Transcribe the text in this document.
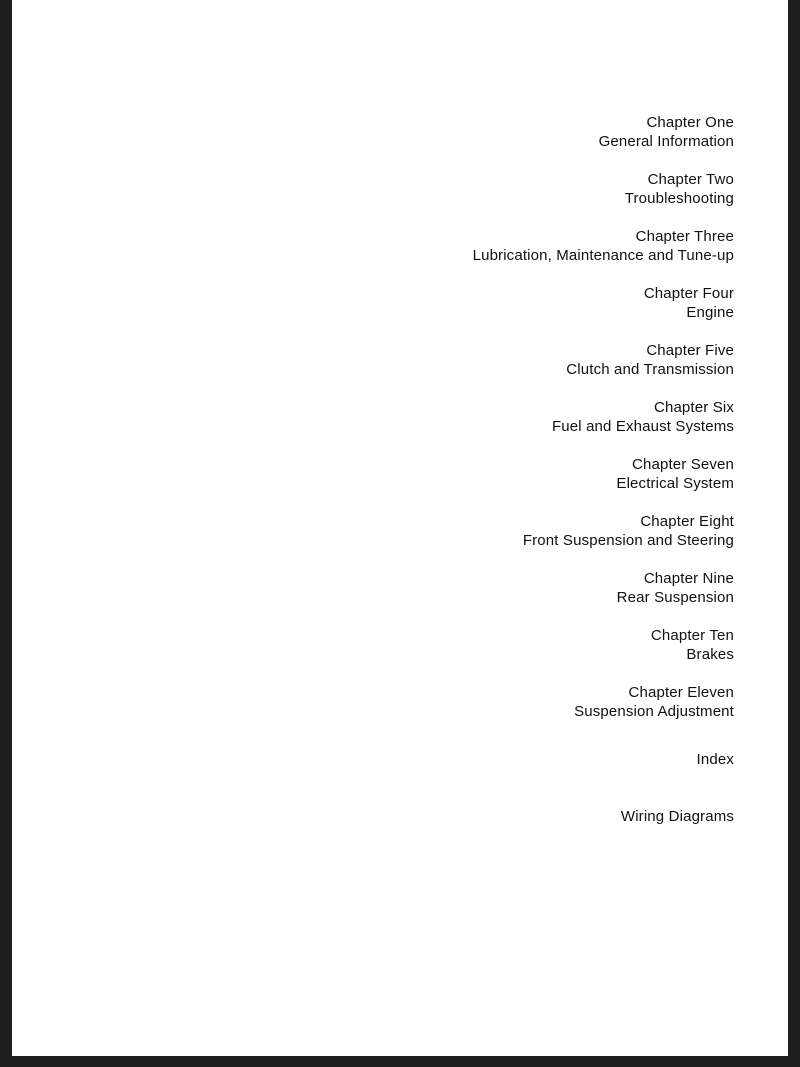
Chapter One
General Information
Chapter Two
Troubleshooting
Chapter Three
Lubrication, Maintenance and Tune-up
Chapter Four
Engine
Chapter Five
Clutch and Transmission
Chapter Six
Fuel and Exhaust Systems
Chapter Seven
Electrical System
Chapter Eight
Front Suspension and Steering
Chapter Nine
Rear Suspension
Chapter Ten
Brakes
Chapter Eleven
Suspension Adjustment
Index
Wiring Diagrams
